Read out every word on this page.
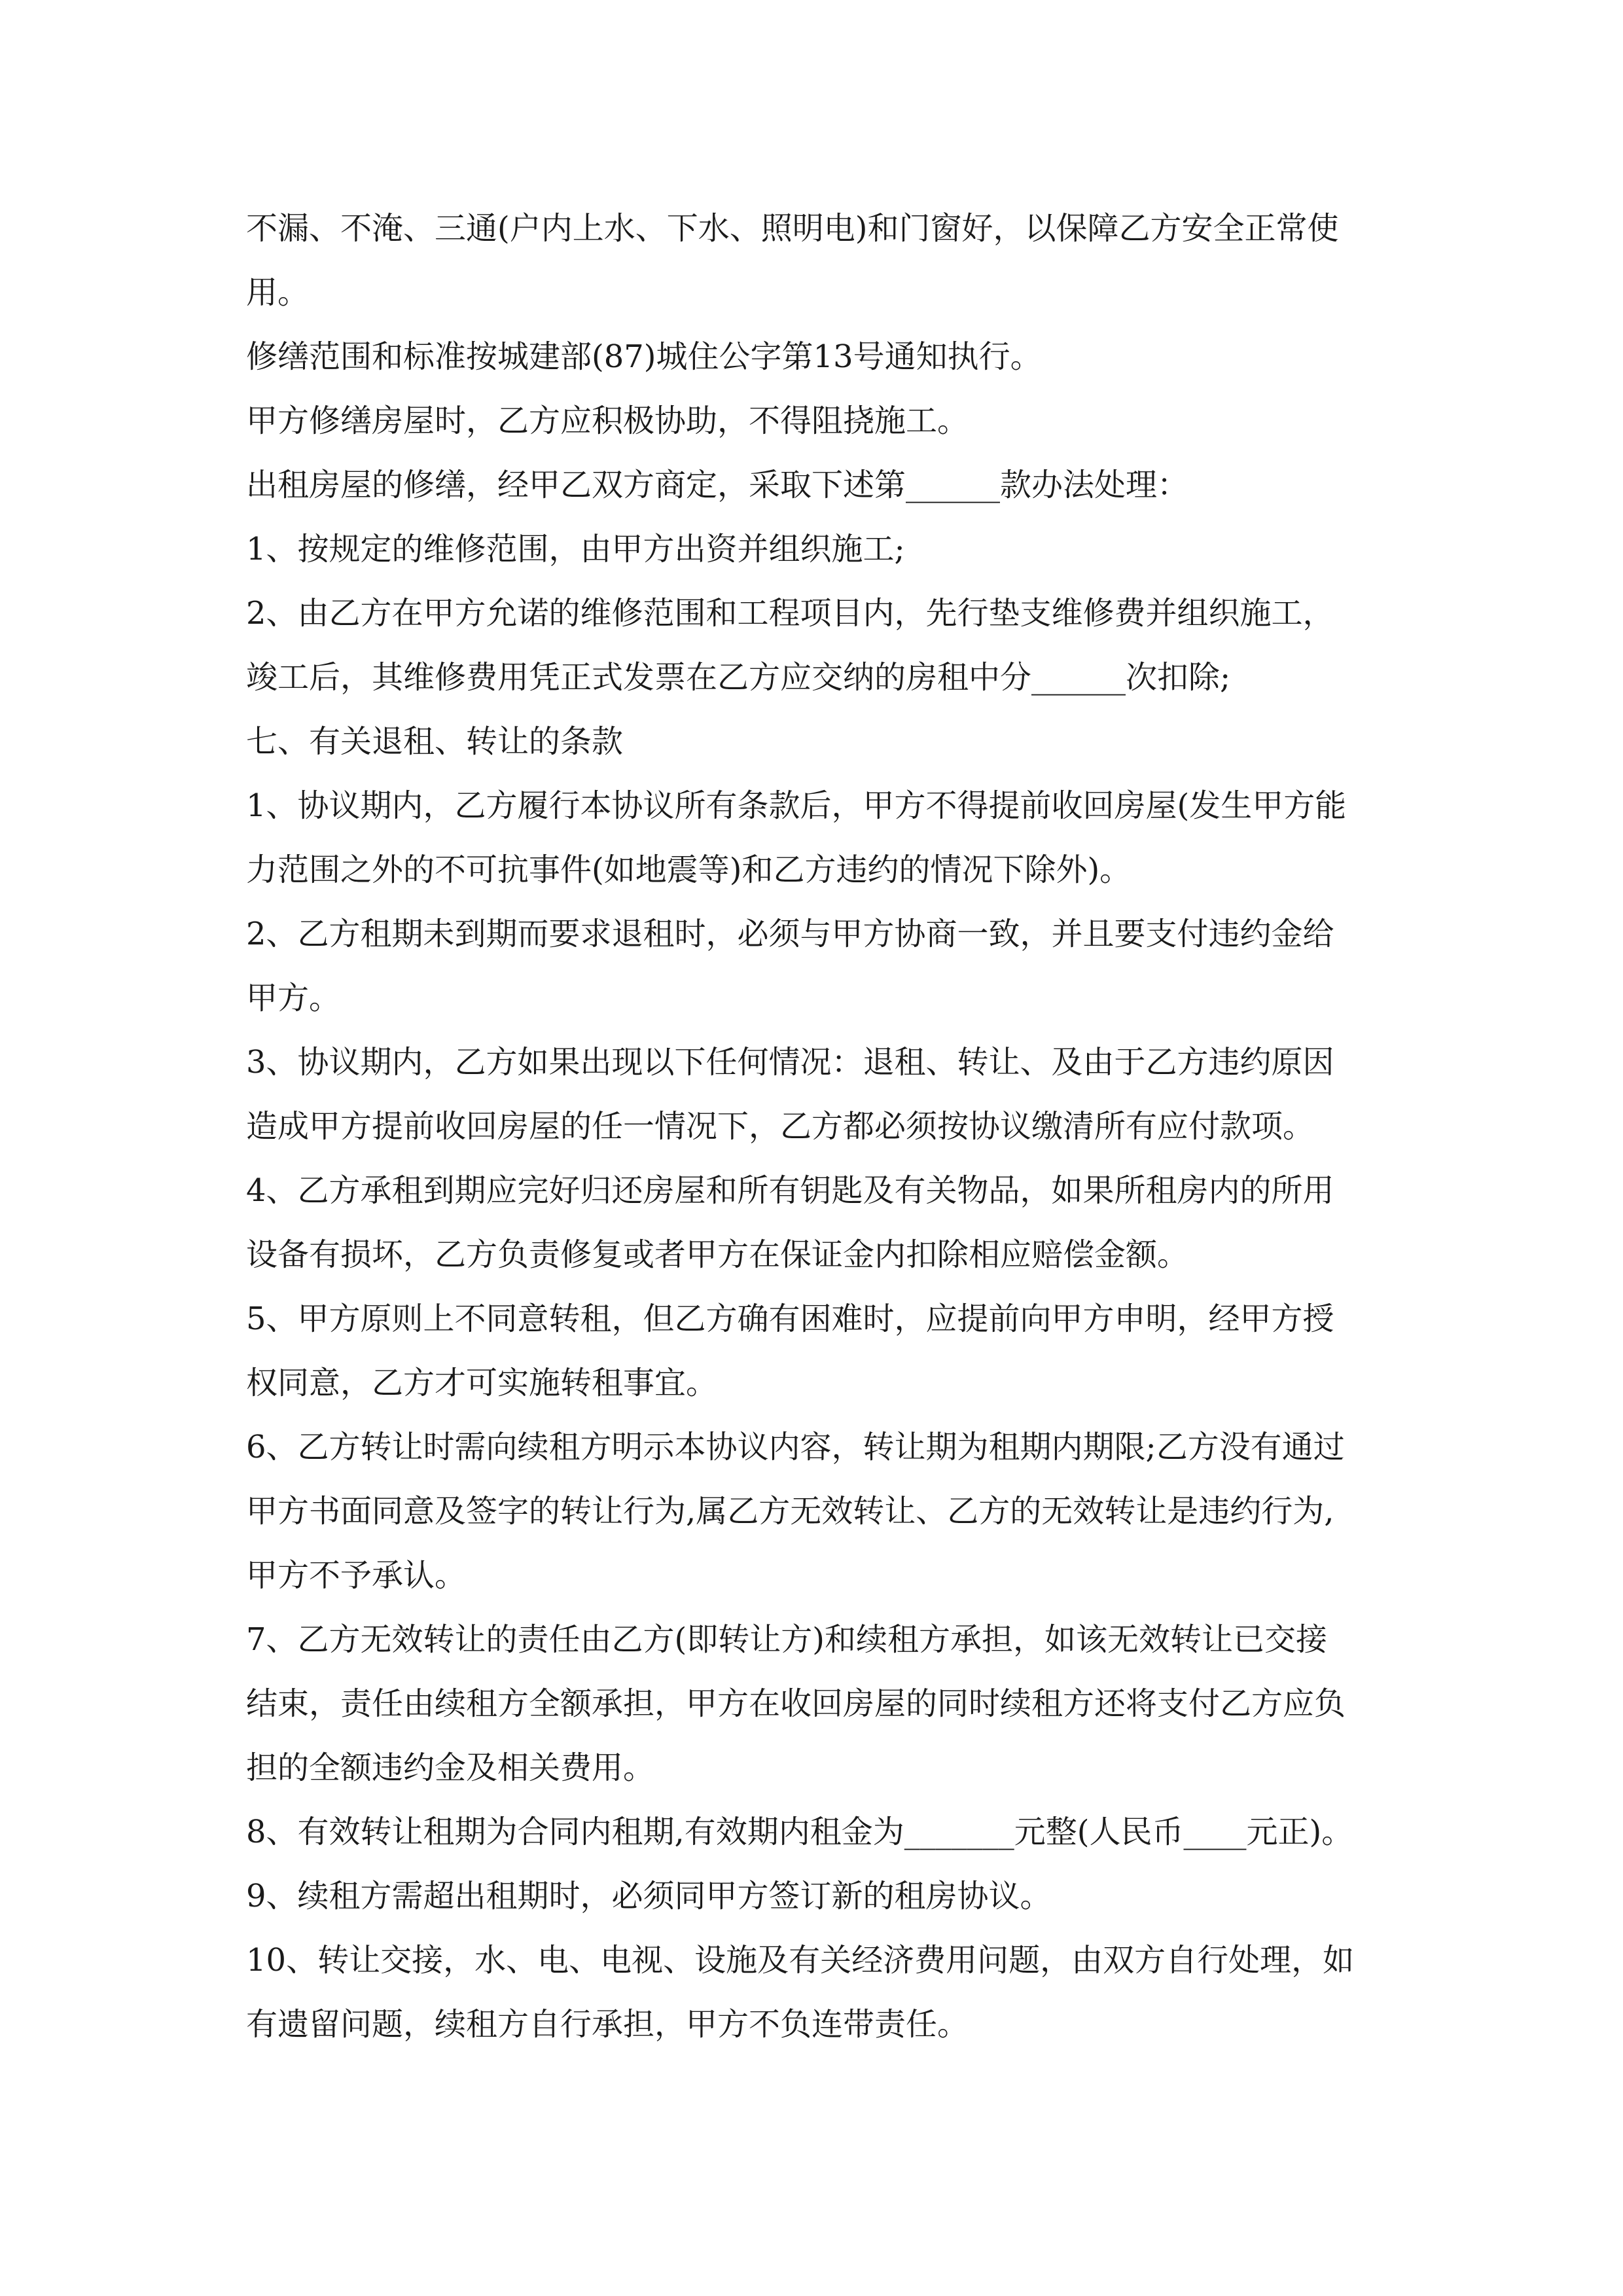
不漏、不淹、三通(户内上水、下水、照明电)和门窗好，以保障乙方安全正常使

用。

修缮范围和标准按城建部(87)城住公字第13号通知执行。

甲方修缮房屋时，乙方应积极协助，不得阻挠施工。

出租房屋的修缮，经甲乙双方商定，采取下述第______款办法处理：

1、按规定的维修范围，由甲方出资并组织施工;

2、由乙方在甲方允诺的维修范围和工程项目内，先行垫支维修费并组织施工，

竣工后，其维修费用凭正式发票在乙方应交纳的房租中分______次扣除;

七、有关退租、转让的条款

1、协议期内，乙方履行本协议所有条款后，甲方不得提前收回房屋(发生甲方能

力范围之外的不可抗事件(如地震等)和乙方违约的情况下除外)。

2、乙方租期未到期而要求退租时，必须与甲方协商一致，并且要支付违约金给

甲方。

3、协议期内，乙方如果出现以下任何情况：退租、转让、及由于乙方违约原因

造成甲方提前收回房屋的任一情况下，乙方都必须按协议缴清所有应付款项。

4、乙方承租到期应完好归还房屋和所有钥匙及有关物品，如果所租房内的所用

设备有损坏，乙方负责修复或者甲方在保证金内扣除相应赔偿金额。

5、甲方原则上不同意转租，但乙方确有困难时，应提前向甲方申明，经甲方授

权同意，乙方才可实施转租事宜。

6、乙方转让时需向续租方明示本协议内容，转让期为租期内期限;乙方没有通过

甲方书面同意及签字的转让行为,属乙方无效转让、乙方的无效转让是违约行为,

甲方不予承认。

7、乙方无效转让的责任由乙方(即转让方)和续租方承担，如该无效转让已交接

结束，责任由续租方全额承担，甲方在收回房屋的同时续租方还将支付乙方应负

担的全额违约金及相关费用。

8、有效转让租期为合同内租期,有效期内租金为_______元整(人民币____元正)。

9、续租方需超出租期时，必须同甲方签订新的租房协议。

10、转让交接，水、电、电视、设施及有关经济费用问题，由双方自行处理，如

有遗留问题，续租方自行承担，甲方不负连带责任。
